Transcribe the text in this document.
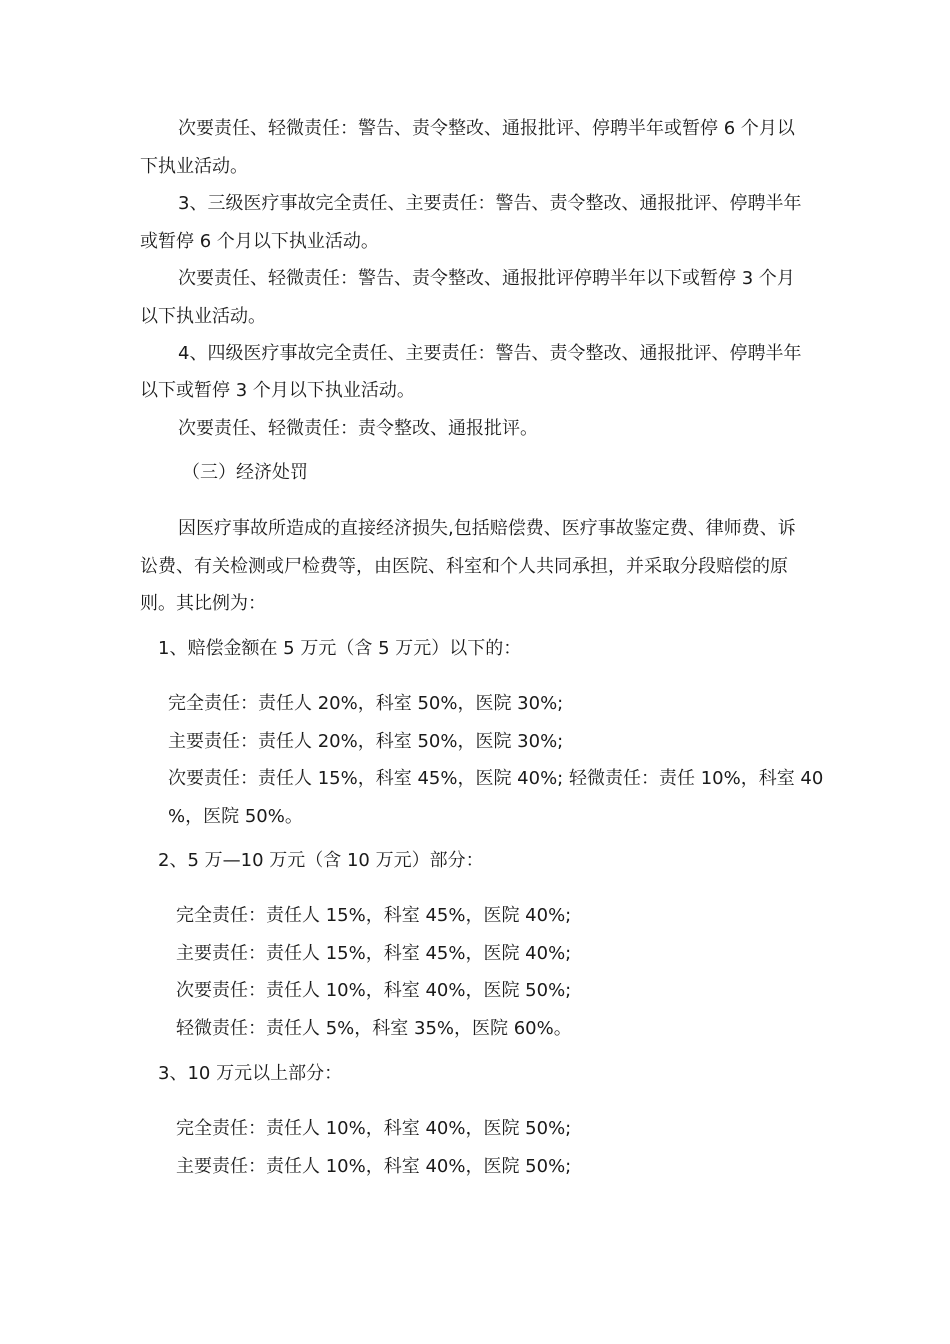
次要责任、轻微责任：警告、责令整改、通报批评、停聘半年或暂停 6 个月以
下执业活动。
3、三级医疗事故完全责任、主要责任：警告、责令整改、通报批评、停聘半年
或暂停 6 个月以下执业活动。
次要责任、轻微责任：警告、责令整改、通报批评停聘半年以下或暂停 3 个月
以下执业活动。
4、四级医疗事故完全责任、主要责任：警告、责令整改、通报批评、停聘半年
以下或暂停 3 个月以下执业活动。
次要责任、轻微责任：责令整改、通报批评。
（三）经济处罚
因医疗事故所造成的直接经济损失,包括赔偿费、医疗事故鉴定费、律师费、诉
讼费、有关检测或尸检费等，由医院、科室和个人共同承担，并采取分段赔偿的原
则。其比例为：
1、赔偿金额在 5 万元（含 5 万元）以下的：
完全责任：责任人 20%，科室 50%，医院 30%;
主要责任：责任人 20%，科室 50%，医院 30%;
次要责任：责任人 15%，科室 45%，医院 40%; 轻微责任：责任 10%，科室 40
%，医院 50%。
2、5 万—10 万元（含 10 万元）部分：
完全责任：责任人 15%，科室 45%，医院 40%;
主要责任：责任人 15%，科室 45%，医院 40%;
次要责任：责任人 10%，科室 40%，医院 50%;
轻微责任：责任人 5%，科室 35%，医院 60%。
3、10 万元以上部分：
完全责任：责任人 10%，科室 40%，医院 50%;
主要责任：责任人 10%，科室 40%，医院 50%;
